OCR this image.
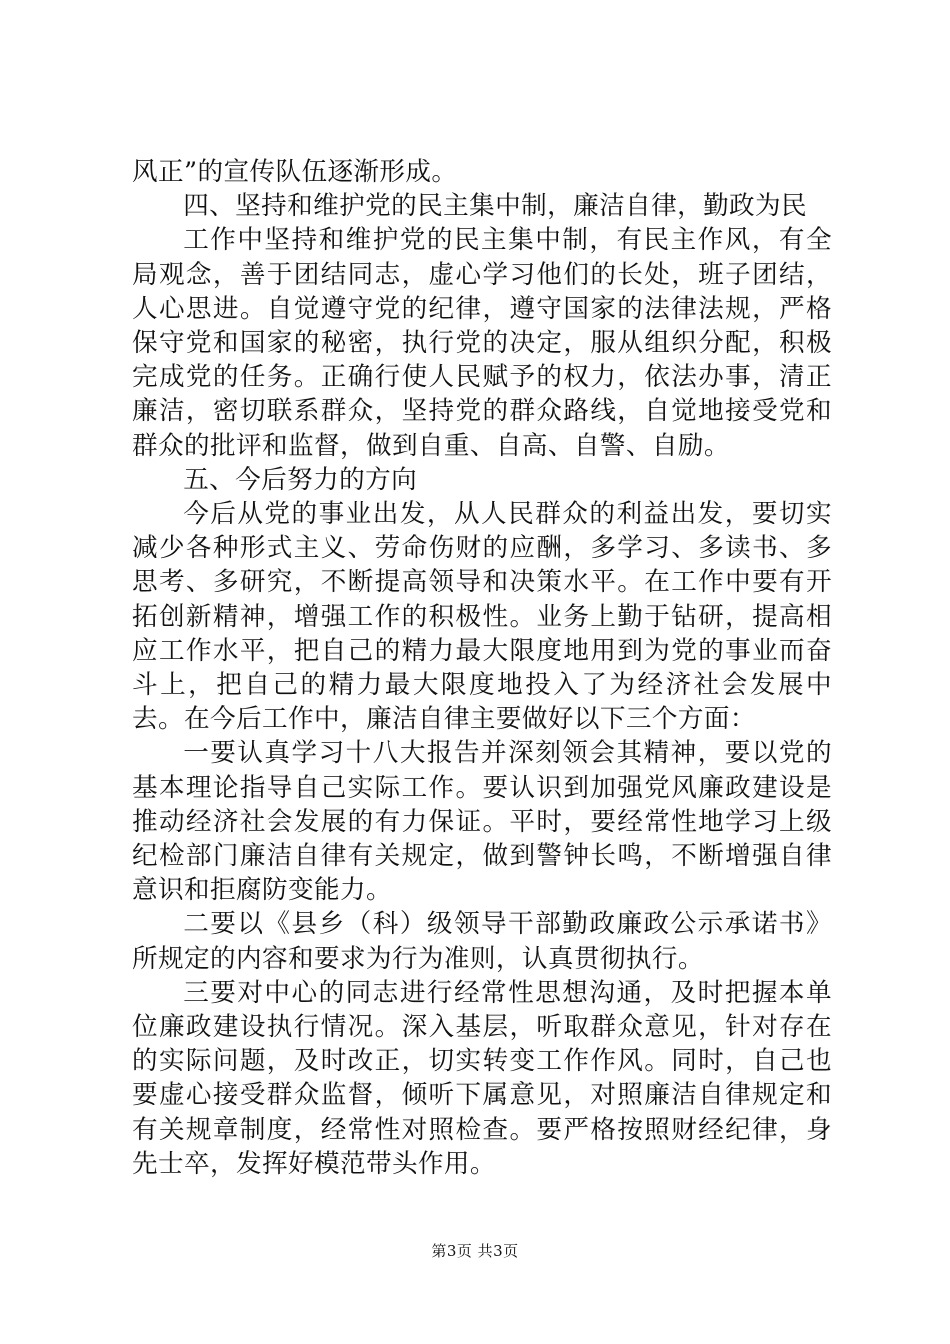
风正”的宣传队伍逐渐形成。

四、坚持和维护党的民主集中制，廉洁自律，勤政为民

工作中坚持和维护党的民主集中制，有民主作风，有全局观念，善于团结同志，虚心学习他们的长处，班子团结，人心思进。自觉遵守党的纪律，遵守国家的法律法规，严格保守党和国家的秘密，执行党的决定，服从组织分配，积极完成党的任务。正确行使人民赋予的权力，依法办事，清正廉洁，密切联系群众，坚持党的群众路线，自觉地接受党和群众的批评和监督，做到自重、自高、自警、自励。

五、今后努力的方向

今后从党的事业出发，从人民群众的利益出发，要切实减少各种形式主义、劳命伤财的应酬，多学习、多读书、多思考、多研究，不断提高领导和决策水平。在工作中要有开拓创新精神，增强工作的积极性。业务上勤于钻研，提高相应工作水平，把自己的精力最大限度地用到为党的事业而奋斗上，把自己的精力最大限度地投入了为经济社会发展中去。在今后工作中，廉洁自律主要做好以下三个方面：

一要认真学习十八大报告并深刻领会其精神，要以党的基本理论指导自己实际工作。要认识到加强党风廉政建设是推动经济社会发展的有力保证。平时，要经常性地学习上级纪检部门廉洁自律有关规定，做到警钟长鸣，不断增强自律意识和拒腐防变能力。

二要以《县乡（科）级领导干部勤政廉政公示承诺书》所规定的内容和要求为行为准则，认真贯彻执行。

三要对中心的同志进行经常性思想沟通，及时把握本单位廉政建设执行情况。深入基层，听取群众意见，针对存在的实际问题，及时改正，切实转变工作作风。同时，自己也要虚心接受群众监督，倾听下属意见，对照廉洁自律规定和有关规章制度，经常性对照检查。要严格按照财经纪律，身先士卒，发挥好模范带头作用。

第3页 共3页
